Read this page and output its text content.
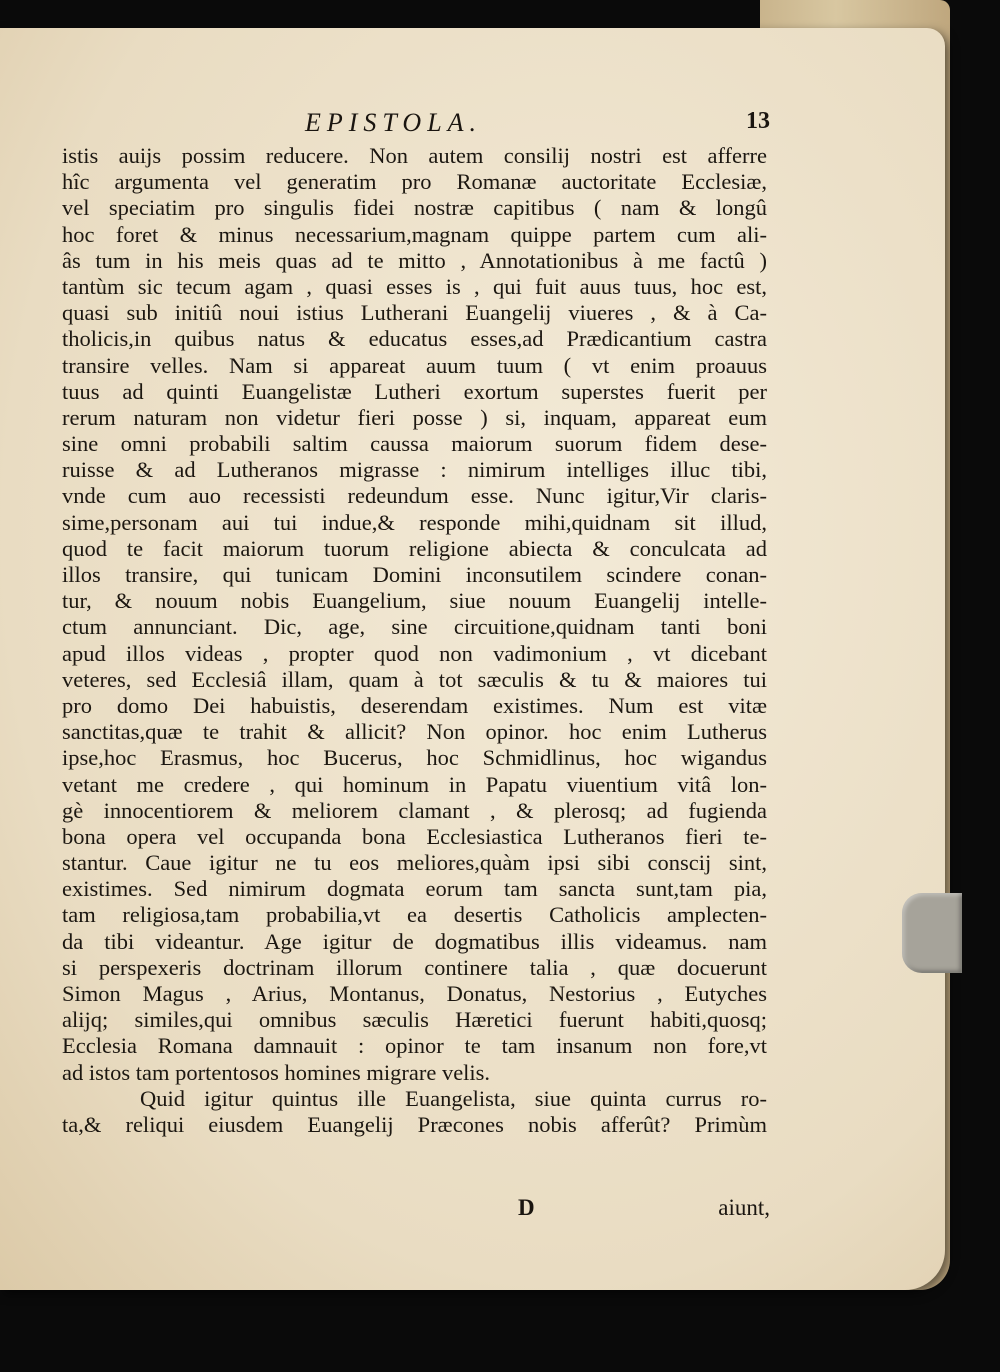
EPISTOLA.	13
istis auijs possim reducere. Non autem consilij nostri est afferre
hîc argumenta vel generatim pro Romanæ auctoritate Ecclesiæ,
vel speciatim pro singulis fidei nostræ capitibus ( nam & longû
hoc foret & minus necessarium,magnam quippe partem cum ali-
âs tum in his meis quas ad te mitto , Annotationibus à me factû )
tantùm sic tecum agam , quasi esses is , qui fuit auus tuus, hoc est,
quasi sub initiû noui istius Lutherani Euangelij viueres , & à Ca-
tholicis,in quibus natus & educatus esses,ad Prædicantium castra
transire velles. Nam si appareat auum tuum ( vt enim proauus
tuus ad quinti Euangelistæ Lutheri exortum superstes fuerit per
rerum naturam non videtur fieri posse ) si, inquam, appareat eum
sine omni probabili saltim caussa maiorum suorum fidem dese-
ruisse & ad Lutheranos migrasse : nimirum intelliges illuc tibi,
vnde cum auo recessisti redeundum esse. Nunc igitur,Vir claris-
sime,personam aui tui indue,& responde mihi,quidnam sit illud,
quod te facit maiorum tuorum religione abiecta & conculcata ad
illos transire, qui tunicam Domini inconsutilem scindere conan-
tur, & nouum nobis Euangelium, siue nouum Euangelij intelle-
ctum annunciant. Dic, age, sine circuitione,quidnam tanti boni
apud illos videas , propter quod non vadimonium , vt dicebant
veteres, sed Ecclesiâ illam, quam à tot sæculis & tu & maiores tui
pro domo Dei habuistis, deserendam existimes. Num est vitæ
sanctitas,quæ te trahit & allicit? Non opinor. hoc enim Lutherus
ipse,hoc Erasmus, hoc Bucerus, hoc Schmidlinus, hoc wigandus
vetant me credere , qui hominum in Papatu viuentium vitâ lon-
gè innocentiorem & meliorem clamant , & plerosq; ad fugienda
bona opera vel occupanda bona Ecclesiastica Lutheranos fieri te-
stantur. Caue igitur ne tu eos meliores,quàm ipsi sibi conscij sint,
existimes. Sed nimirum dogmata eorum tam sancta sunt,tam pia,
tam religiosa,tam probabilia,vt ea desertis Catholicis amplecten-
da tibi videantur. Age igitur de dogmatibus illis videamus. nam
si perspexeris doctrinam illorum continere talia , quæ docuerunt
Simon Magus , Arius, Montanus, Donatus, Nestorius , Eutyches
alijq; similes,qui omnibus sæculis Hæretici fuerunt habiti,quosq;
Ecclesia Romana damnauit : opinor te tam insanum non fore,vt
ad istos tam portentosos homines migrare velis.
Quid igitur quintus ille Euangelista, siue quinta currus ro-
ta,& reliqui eiusdem Euangelij Præcones nobis afferût? Primùm
D	aiunt,
